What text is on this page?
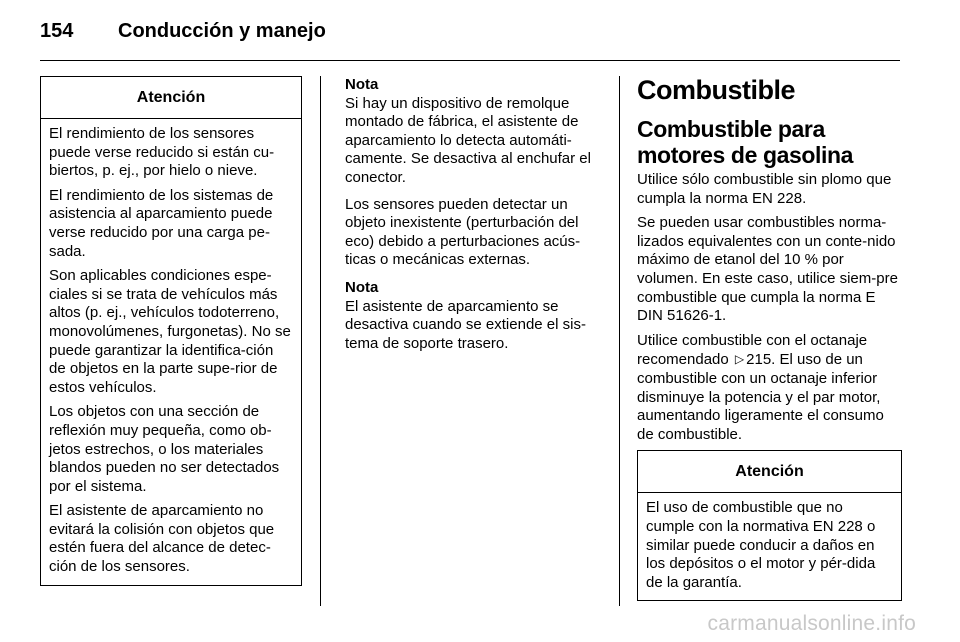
154	Conducción y manejo
Atención

El rendimiento de los sensores puede verse reducido si están cu-biertos, p. ej., por hielo o nieve.

El rendimiento de los sistemas de asistencia al aparcamiento puede verse reducido por una carga pe-sada.

Son aplicables condiciones espe-ciales si se trata de vehículos más altos (p. ej., vehículos todoterreno, monovolúmenes, furgonetas). No se puede garantizar la identifica-ción de objetos en la parte supe-rior de estos vehículos.

Los objetos con una sección de reflexión muy pequeña, como ob-jetos estrechos, o los materiales blandos pueden no ser detectados por el sistema.

El asistente de aparcamiento no evitará la colisión con objetos que estén fuera del alcance de detec-ción de los sensores.

Nota

Si hay un dispositivo de remolque montado de fábrica, el asistente de aparcamiento lo detecta automáti-camente. Se desactiva al enchufar el conector.

Los sensores pueden detectar un objeto inexistente (perturbación del eco) debido a perturbaciones acús-ticas o mecánicas externas.

Nota

El asistente de aparcamiento se desactiva cuando se extiende el sis-tema de soporte trasero.

Combustible
Combustible para motores de gasolina

Utilice sólo combustible sin plomo que cumpla la norma EN 228.

Se pueden usar combustibles norma-lizados equivalentes con un conte-nido máximo de etanol del 10 % por volumen. En este caso, utilice siem-pre combustible que cumpla la norma E DIN 51626-1.

Utilice combustible con el octanaje recomendado ▷ 215. El uso de un combustible con un octanaje inferior disminuye la potencia y el par motor, aumentando ligeramente el consumo de combustible.

Atención

El uso de combustible que no cumple con la normativa EN 228 o similar puede conducir a daños en los depósitos o el motor y pér-dida de la garantía.

carmanualsonline.info
